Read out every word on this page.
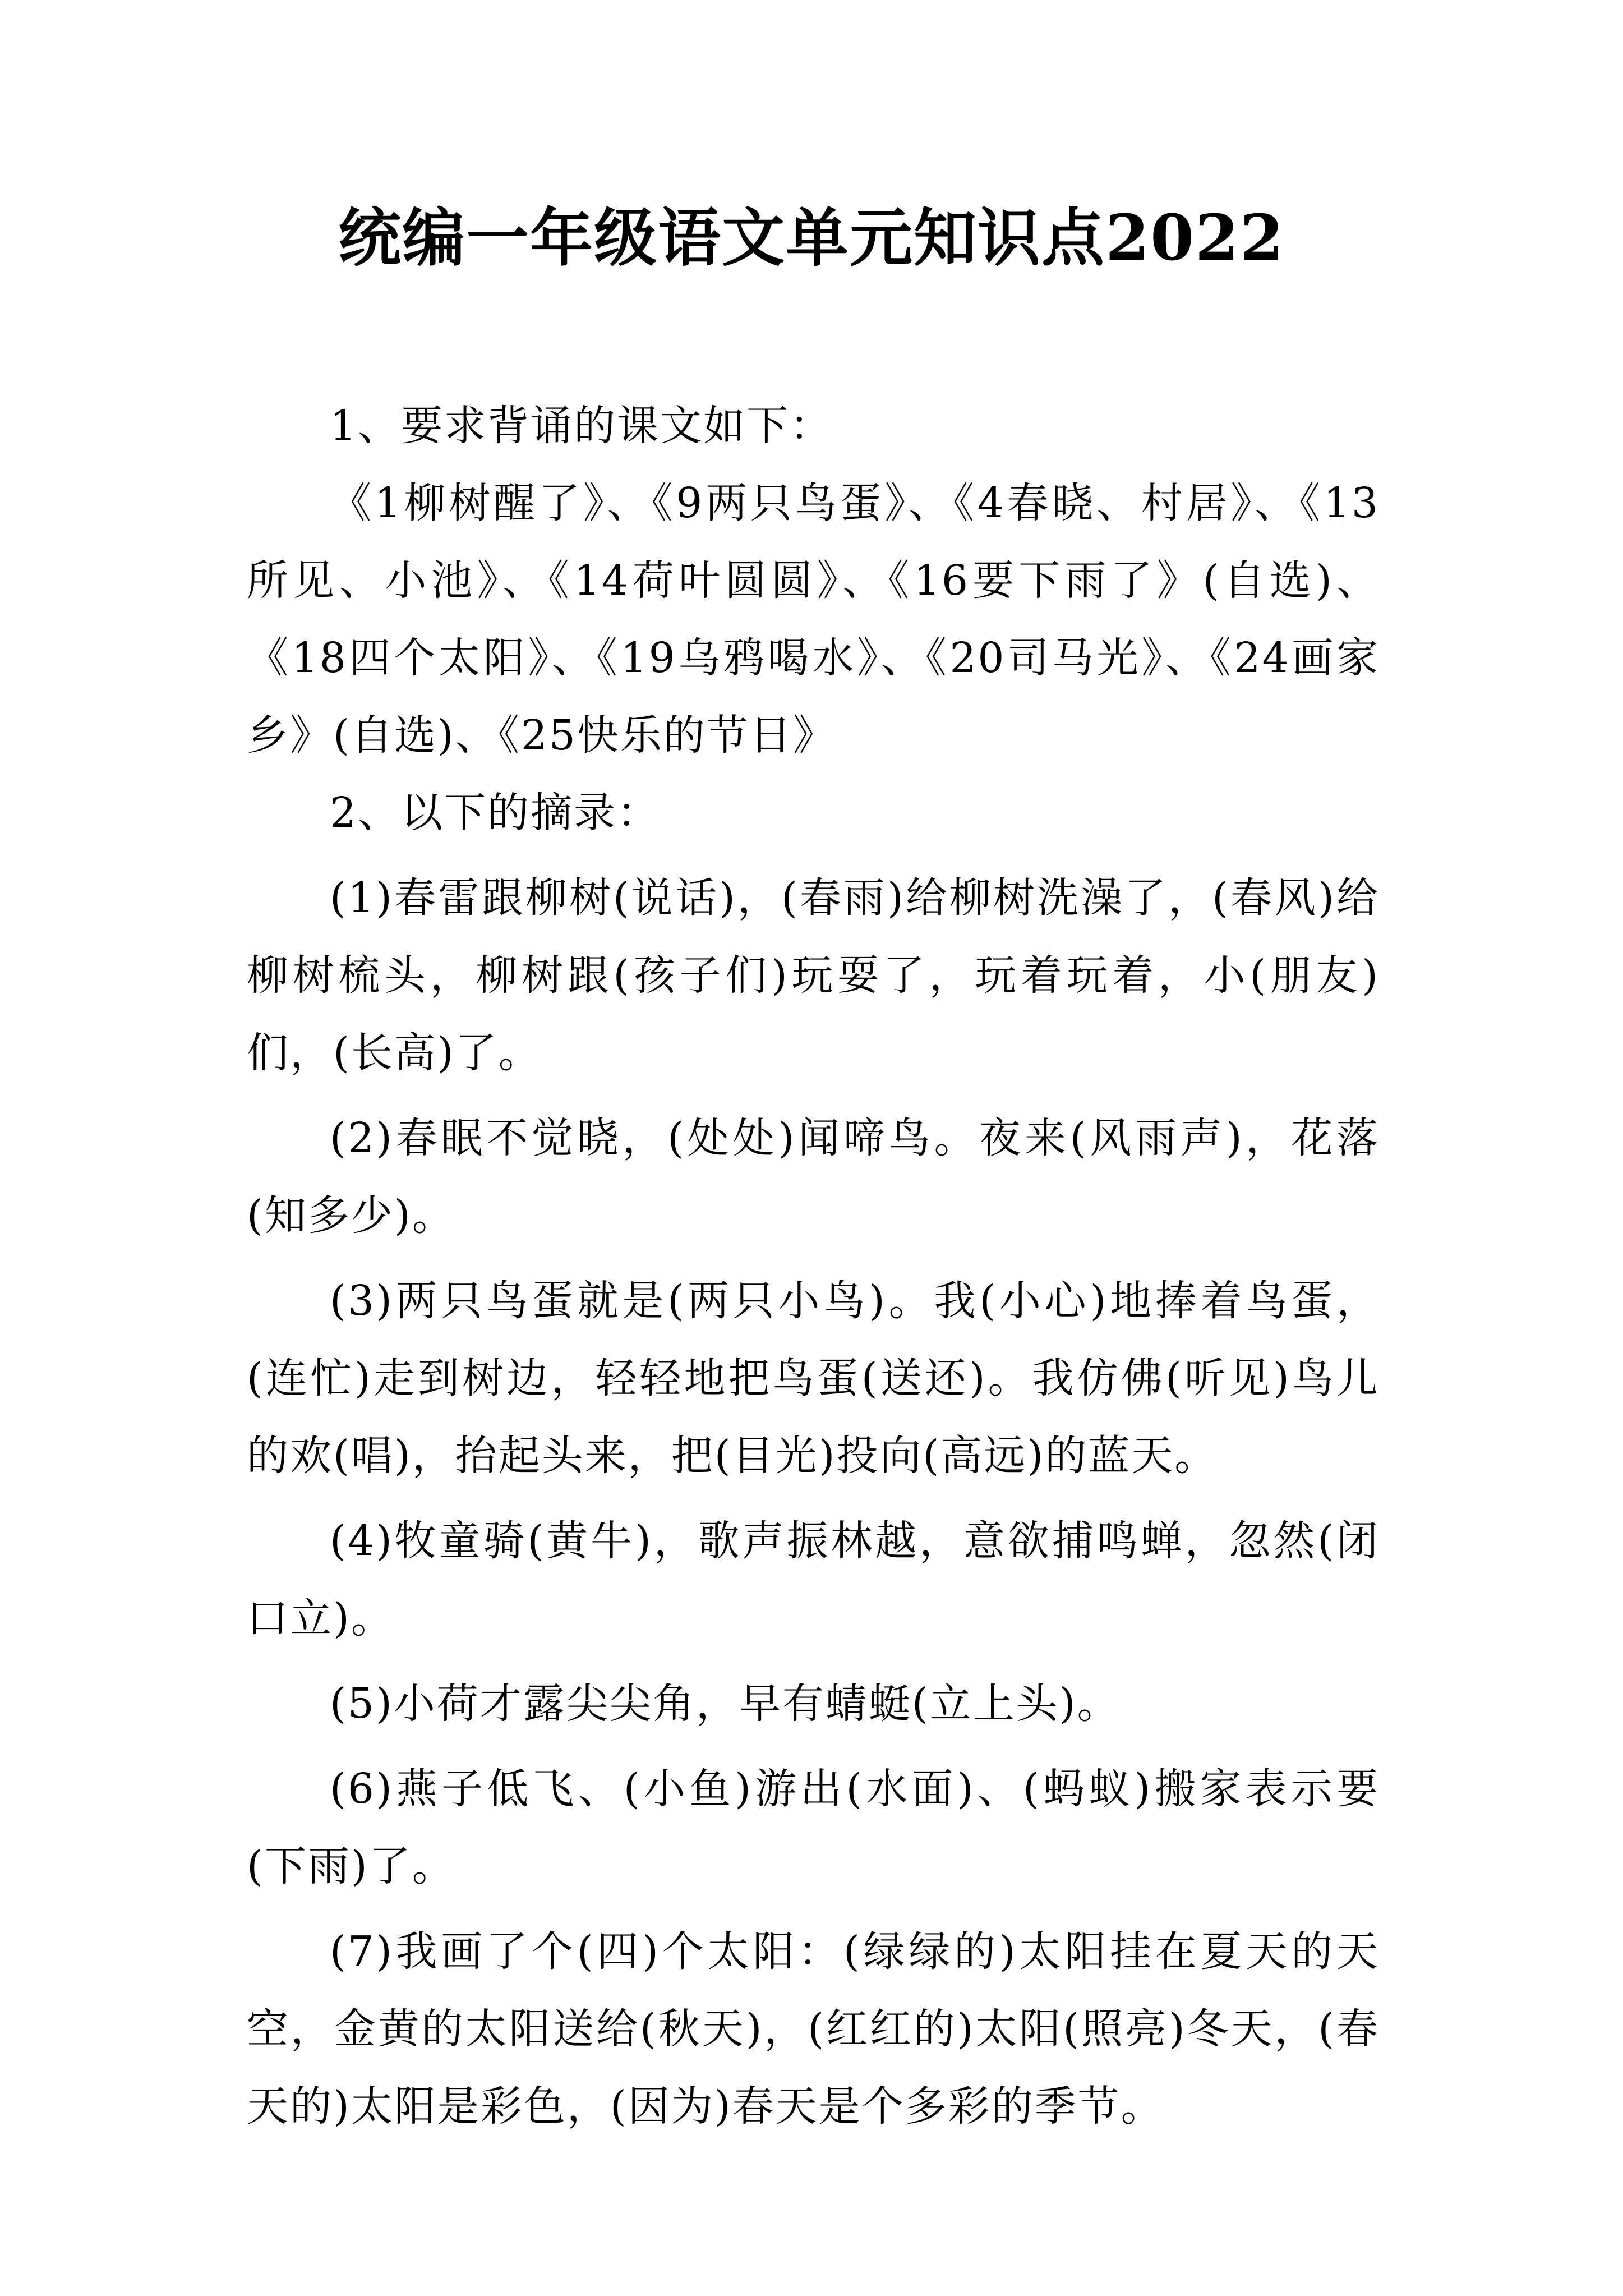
统编一年级语文单元知识点2022

1、要求背诵的课文如下：

《1柳树醒了》、《9两只鸟蛋》、《4春晓、村居》、《13所见、小池》、《14荷叶圆圆》、《16要下雨了》(自选)、《18四个太阳》、《19乌鸦喝水》、《20司马光》、《24画家乡》(自选)、《25快乐的节日》

2、以下的摘录：

(1)春雷跟柳树(说话)，(春雨)给柳树洗澡了，(春风)给柳树梳头，柳树跟(孩子们)玩耍了，玩着玩着，小(朋友)们，(长高)了。

(2)春眠不觉晓，(处处)闻啼鸟。夜来(风雨声)，花落(知多少)。

(3)两只鸟蛋就是(两只小鸟)。我(小心)地捧着鸟蛋，(连忙)走到树边，轻轻地把鸟蛋(送还)。我仿佛(听见)鸟儿的欢(唱)，抬起头来，把(目光)投向(高远)的蓝天。

(4)牧童骑(黄牛)，歌声振林越，意欲捕鸣蝉，忽然(闭口立)。

(5)小荷才露尖尖角，早有蜻蜓(立上头)。

(6)燕子低飞、(小鱼)游出(水面)、(蚂蚁)搬家表示要(下雨)了。

(7)我画了个(四)个太阳：(绿绿的)太阳挂在夏天的天空，金黄的太阳送给(秋天)，(红红的)太阳(照亮)冬天，(春天的)太阳是彩色，(因为)春天是个多彩的季节。
